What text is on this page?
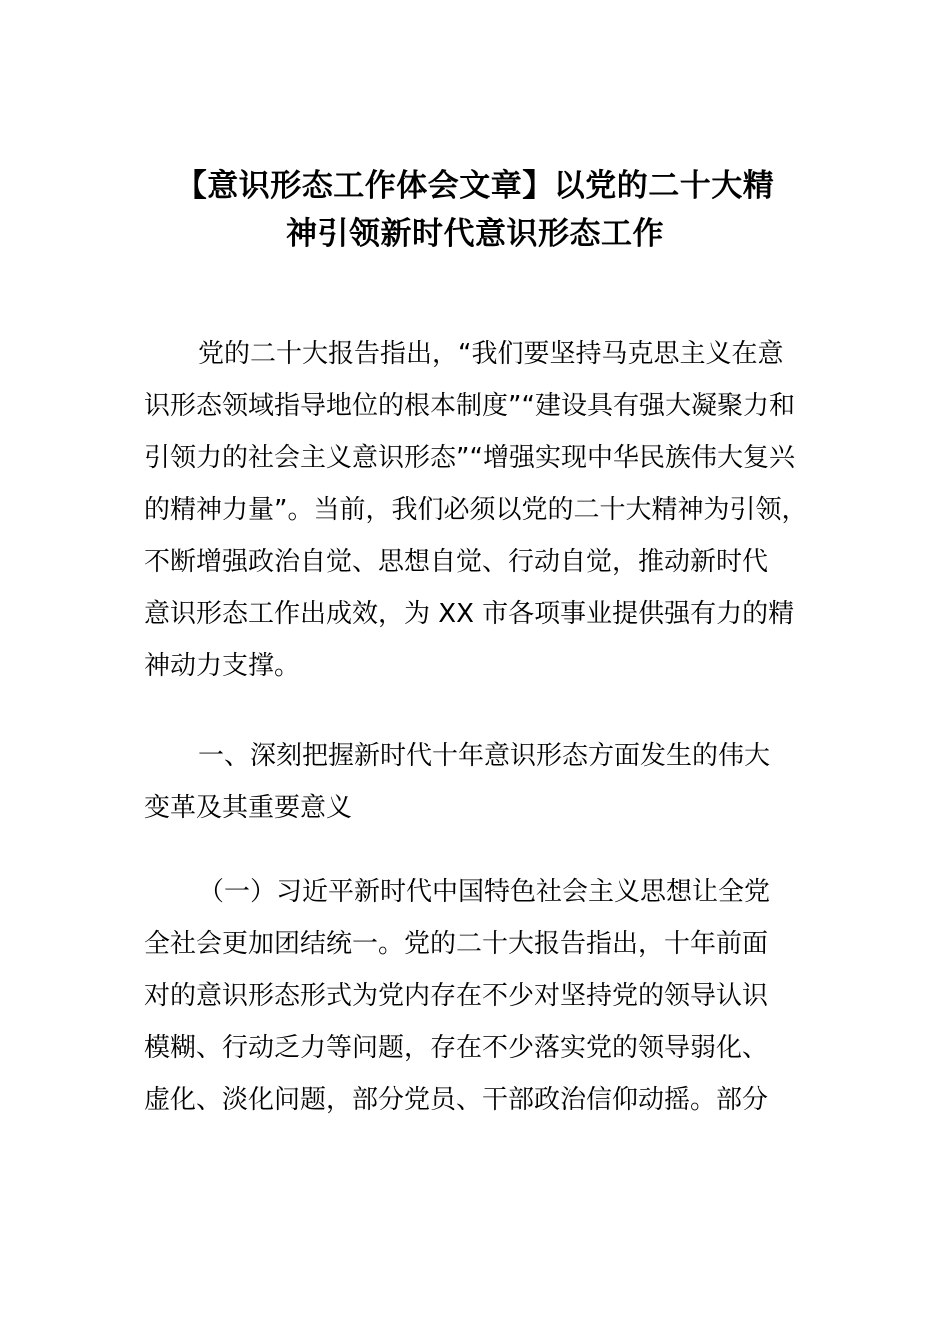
【意识形态工作体会文章】以党的二十大精
神引领新时代意识形态工作

党的二十大报告指出，“我们要坚持马克思主义在意
识形态领域指导地位的根本制度”“建设具有强大凝聚力和
引领力的社会主义意识形态”“增强实现中华民族伟大复兴
的精神力量”。当前，我们必须以党的二十大精神为引领，
不断增强政治自觉、思想自觉、行动自觉，推动新时代
意识形态工作出成效，为 XX 市各项事业提供强有力的精
神动力支撑。

一、深刻把握新时代十年意识形态方面发生的伟大
变革及其重要意义

（一）习近平新时代中国特色社会主义思想让全党
全社会更加团结统一。党的二十大报告指出，十年前面
对的意识形态形式为党内存在不少对坚持党的领导认识
模糊、行动乏力等问题，存在不少落实党的领导弱化、
虚化、淡化问题，部分党员、干部政治信仰动摇。部分
